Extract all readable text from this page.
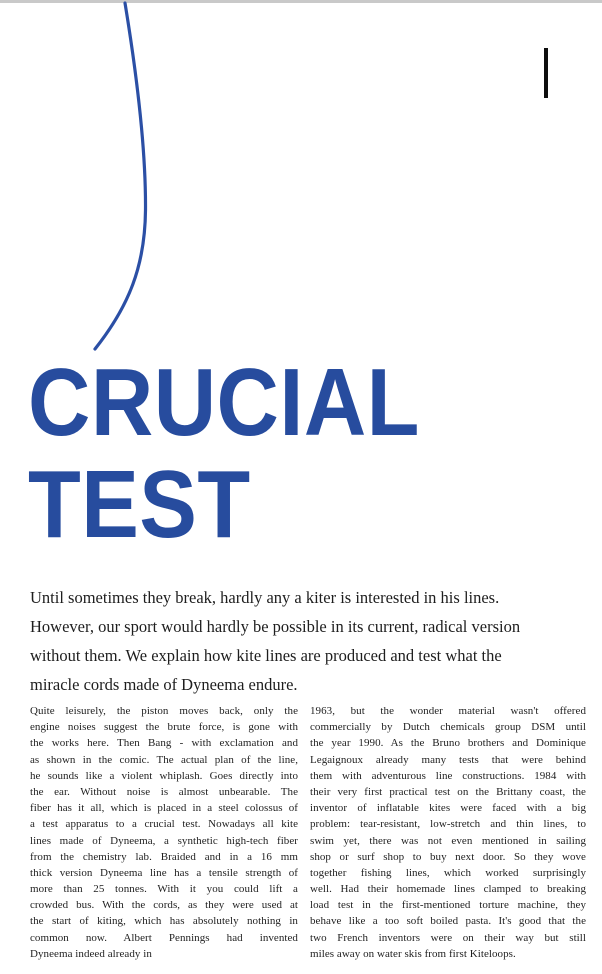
CRUCIAL
TEST
Until sometimes they break, hardly any a kiter is interested in his lines.
However, our sport would hardly be possible in its current, radical version
without them. We explain how kite lines are produced and test what the
miracle cords made of Dyneema endure.
Quite leisurely, the piston moves back, only the
engine noises suggest the brute force, is gone with
the works here. Then Bang - with exclamation and
as shown in the comic. The actual plan of the line,
he sounds like a violent whiplash. Goes directly into
the ear. Without noise is almost unbearable. The
fiber has it all, which is placed in a steel colossus of
a test apparatus to a crucial test. Nowadays all kite
lines made of Dyneema, a synthetic high-tech fiber
from the chemistry lab. Braided and in a 16 mm
thick version Dyneema line has a tensile strength of
more than 25 tonnes. With it you could lift a
crowded bus. With the cords, as they were used at
the start of kiting, which has absolutely nothing in
common now. Albert Pennings had invented
Dyneema indeed already in
1963, but the wonder material wasn't offered
commercially by Dutch chemicals group DSM until
the year 1990. As the Bruno brothers and Dominique
Legaignoux already many tests that were behind
them with adventurous line constructions. 1984 with
their very first practical test on the Brittany coast, the
inventor of inflatable kites were faced with a big
problem: tear-resistant, low-stretch and thin lines, to
swim yet, there was not even mentioned in sailing
shop or surf shop to buy next door. So they wove
together fishing lines, which worked surprisingly
well. Had their homemade lines clamped to breaking
load test in the first-mentioned torture machine, they
behave like a too soft boiled pasta. It's good that the
two French inventors were on their way but still
miles away on water skis from first Kiteloops.
